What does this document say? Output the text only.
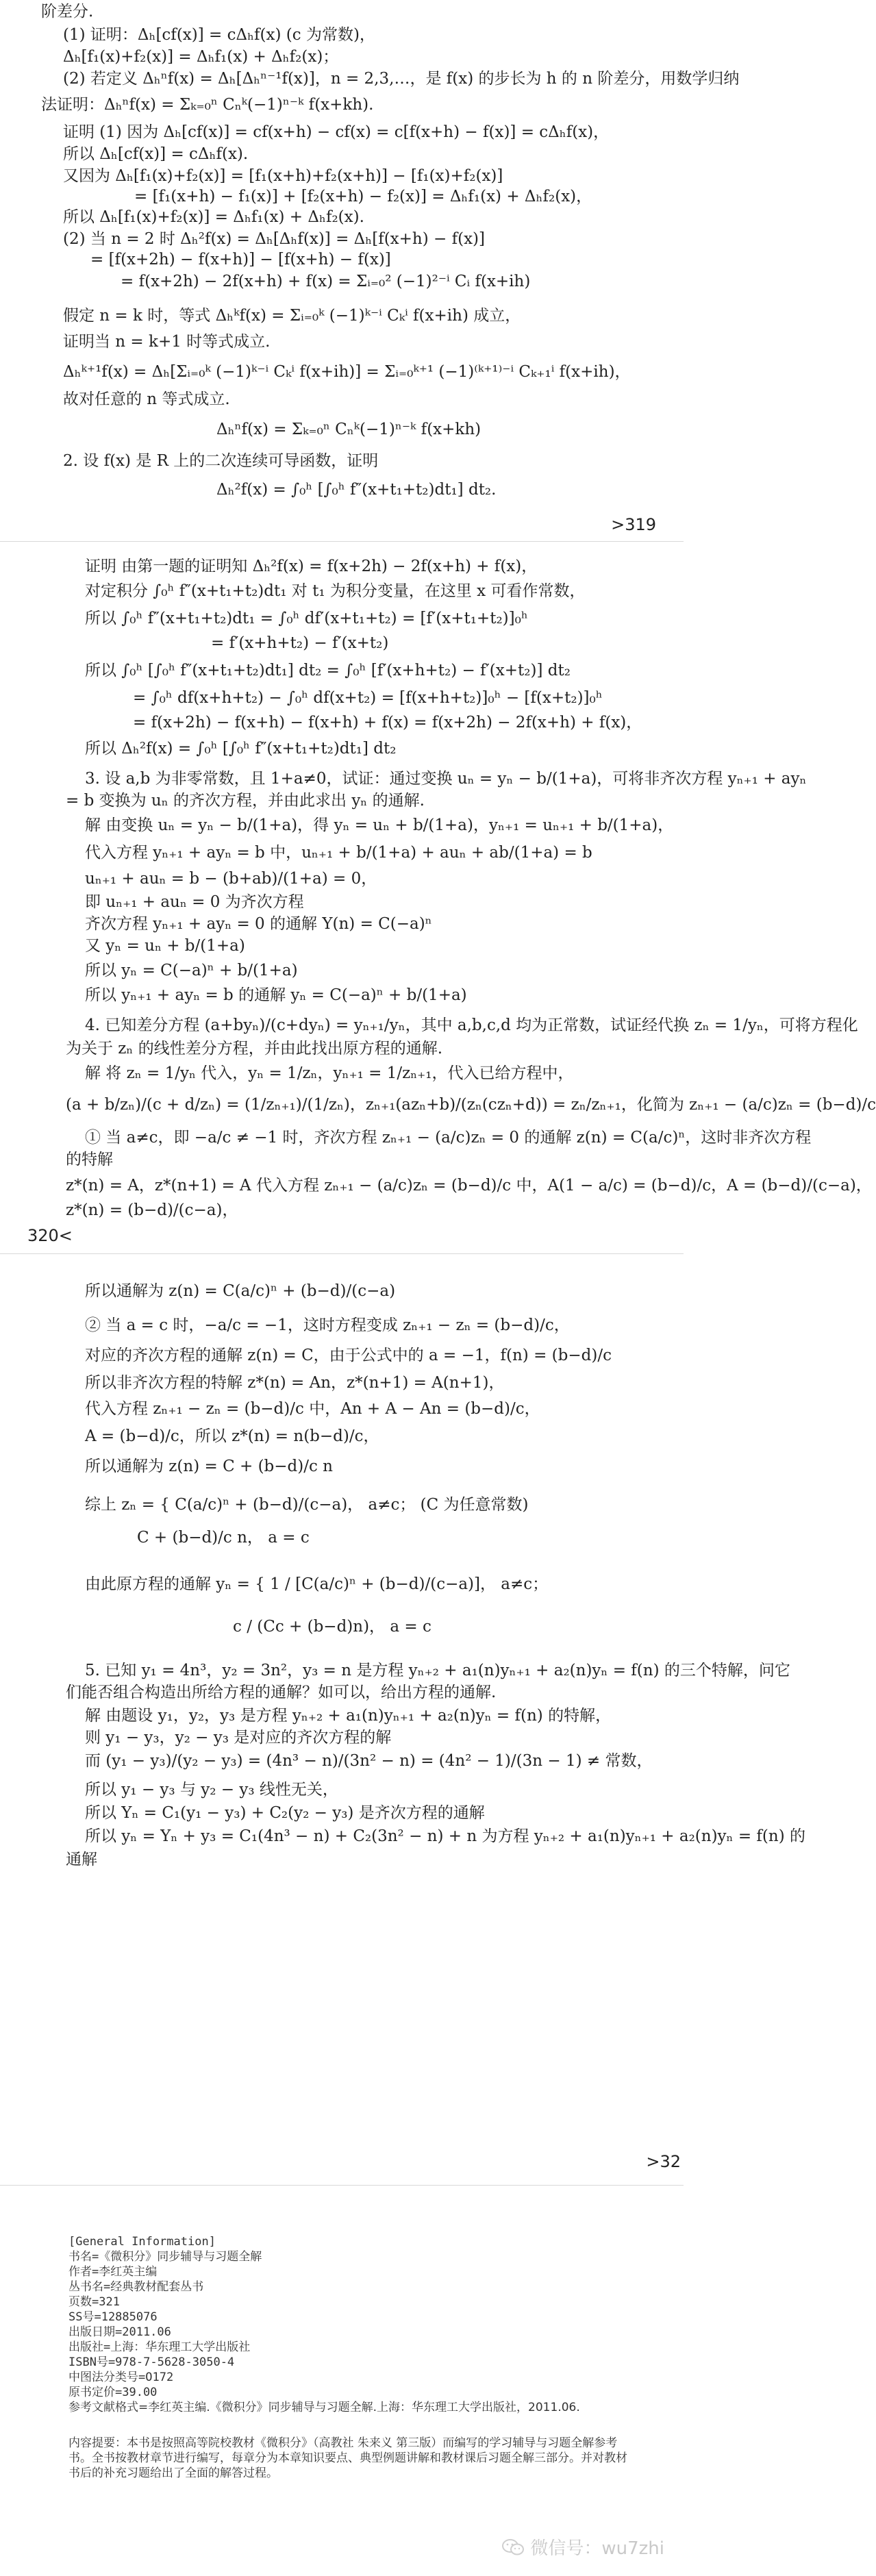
阶差分.
(1) 证明：Δₕ[cf(x)] = cΔₕf(x) (c 为常数)，
Δₕ[f₁(x)+f₂(x)] = Δₕf₁(x) + Δₕf₂(x)；
(2) 若定义 Δₕⁿf(x) = Δₕ[Δₕⁿ⁻¹f(x)]，n = 2,3,…，是 f(x) 的步长为 h 的 n 阶差分，用数学归纳
法证明：Δₕⁿf(x) = Σₖ₌₀ⁿ Cₙᵏ(−1)ⁿ⁻ᵏ f(x+kh).
证明 (1) 因为 Δₕ[cf(x)] = cf(x+h) − cf(x) = c[f(x+h) − f(x)] = cΔₕf(x)，
所以 Δₕ[cf(x)] = cΔₕf(x).
又因为 Δₕ[f₁(x)+f₂(x)] = [f₁(x+h)+f₂(x+h)] − [f₁(x)+f₂(x)]
= [f₁(x+h) − f₁(x)] + [f₂(x+h) − f₂(x)] = Δₕf₁(x) + Δₕf₂(x)，
所以 Δₕ[f₁(x)+f₂(x)] = Δₕf₁(x) + Δₕf₂(x).
(2) 当 n = 2 时 Δₕ²f(x) = Δₕ[Δₕf(x)] = Δₕ[f(x+h) − f(x)]
= [f(x+2h) − f(x+h)] − [f(x+h) − f(x)]
= f(x+2h) − 2f(x+h) + f(x) = Σᵢ₌₀² (−1)²⁻ⁱ Cᵢ f(x+ih)
假定 n = k 时，等式 Δₕᵏf(x) = Σᵢ₌₀ᵏ (−1)ᵏ⁻ⁱ Cₖⁱ f(x+ih) 成立，
证明当 n = k+1 时等式成立.
Δₕᵏ⁺¹f(x) = Δₕ[Σᵢ₌₀ᵏ (−1)ᵏ⁻ⁱ Cₖⁱ f(x+ih)] = Σᵢ₌₀ᵏ⁺¹ (−1)⁽ᵏ⁺¹⁾⁻ⁱ Cₖ₊₁ⁱ f(x+ih)，
故对任意的 n 等式成立.
Δₕⁿf(x) = Σₖ₌₀ⁿ Cₙᵏ(−1)ⁿ⁻ᵏ f(x+kh)
2. 设 f(x) 是 R 上的二次连续可导函数，证明
Δₕ²f(x) = ∫₀ʰ [∫₀ʰ f″(x+t₁+t₂)dt₁] dt₂.
>319
证明 由第一题的证明知 Δₕ²f(x) = f(x+2h) − 2f(x+h) + f(x)，
对定积分 ∫₀ʰ f″(x+t₁+t₂)dt₁ 对 t₁ 为积分变量，在这里 x 可看作常数，
所以 ∫₀ʰ f″(x+t₁+t₂)dt₁ = ∫₀ʰ df′(x+t₁+t₂) = [f′(x+t₁+t₂)]₀ʰ
= f′(x+h+t₂) − f′(x+t₂)
所以 ∫₀ʰ [∫₀ʰ f″(x+t₁+t₂)dt₁] dt₂ = ∫₀ʰ [f′(x+h+t₂) − f′(x+t₂)] dt₂
= ∫₀ʰ df(x+h+t₂) − ∫₀ʰ df(x+t₂) = [f(x+h+t₂)]₀ʰ − [f(x+t₂)]₀ʰ
= f(x+2h) − f(x+h) − f(x+h) + f(x) = f(x+2h) − 2f(x+h) + f(x)，
所以 Δₕ²f(x) = ∫₀ʰ [∫₀ʰ f″(x+t₁+t₂)dt₁] dt₂
3. 设 a,b 为非零常数，且 1+a≠0，试证：通过变换 uₙ = yₙ − b/(1+a)，可将非齐次方程 yₙ₊₁ + ayₙ
= b 变换为 uₙ 的齐次方程，并由此求出 yₙ 的通解.
解 由变换 uₙ = yₙ − b/(1+a)，得 yₙ = uₙ + b/(1+a)，yₙ₊₁ = uₙ₊₁ + b/(1+a)，
代入方程 yₙ₊₁ + ayₙ = b 中，uₙ₊₁ + b/(1+a) + auₙ + ab/(1+a) = b
uₙ₊₁ + auₙ = b − (b+ab)/(1+a) = 0，
即 uₙ₊₁ + auₙ = 0 为齐次方程
齐次方程 yₙ₊₁ + ayₙ = 0 的通解 Y(n) = C(−a)ⁿ
又 yₙ = uₙ + b/(1+a)
所以 yₙ = C(−a)ⁿ + b/(1+a)
所以 yₙ₊₁ + ayₙ = b 的通解 yₙ = C(−a)ⁿ + b/(1+a)
4. 已知差分方程 (a+byₙ)/(c+dyₙ) = yₙ₊₁/yₙ，其中 a,b,c,d 均为正常数，试证经代换 zₙ = 1/yₙ，可将方程化
为关于 zₙ 的线性差分方程，并由此找出原方程的通解.
解 将 zₙ = 1/yₙ 代入，yₙ = 1/zₙ，yₙ₊₁ = 1/zₙ₊₁，代入已给方程中，
(a + b/zₙ)/(c + d/zₙ) = (1/zₙ₊₁)/(1/zₙ)，zₙ₊₁(azₙ+b)/(zₙ(czₙ+d)) = zₙ/zₙ₊₁，化简为 zₙ₊₁ − (a/c)zₙ = (b−d)/c
① 当 a≠c，即 −a/c ≠ −1 时，齐次方程 zₙ₊₁ − (a/c)zₙ = 0 的通解 z(n) = C(a/c)ⁿ，这时非齐次方程
的特解
z*(n) = A，z*(n+1) = A 代入方程 zₙ₊₁ − (a/c)zₙ = (b−d)/c 中，A(1 − a/c) = (b−d)/c，A = (b−d)/(c−a)，
z*(n) = (b−d)/(c−a)，
320<
所以通解为 z(n) = C(a/c)ⁿ + (b−d)/(c−a)
② 当 a = c 时，−a/c = −1，这时方程变成 zₙ₊₁ − zₙ = (b−d)/c，
对应的齐次方程的通解 z(n) = C，由于公式中的 a = −1，f(n) = (b−d)/c
所以非齐次方程的特解 z*(n) = An，z*(n+1) = A(n+1)，
代入方程 zₙ₊₁ − zₙ = (b−d)/c 中，An + A − An = (b−d)/c，
A = (b−d)/c，所以 z*(n) = n(b−d)/c，
所以通解为 z(n) = C + (b−d)/c n
综上 zₙ = { C(a/c)ⁿ + (b−d)/(c−a)， a≠c； (C 为任意常数)
C + (b−d)/c n， a = c
由此原方程的通解 yₙ = { 1 / [C(a/c)ⁿ + (b−d)/(c−a)]， a≠c；
c / (Cc + (b−d)n)， a = c
5. 已知 y₁ = 4n³，y₂ = 3n²，y₃ = n 是方程 yₙ₊₂ + a₁(n)yₙ₊₁ + a₂(n)yₙ = f(n) 的三个特解，问它
们能否组合构造出所给方程的通解？如可以，给出方程的通解.
解 由题设 y₁，y₂，y₃ 是方程 yₙ₊₂ + a₁(n)yₙ₊₁ + a₂(n)yₙ = f(n) 的特解，
则 y₁ − y₃，y₂ − y₃ 是对应的齐次方程的解
而 (y₁ − y₃)/(y₂ − y₃) = (4n³ − n)/(3n² − n) = (4n² − 1)/(3n − 1) ≠ 常数，
所以 y₁ − y₃ 与 y₂ − y₃ 线性无关，
所以 Yₙ = C₁(y₁ − y₃) + C₂(y₂ − y₃) 是齐次方程的通解
所以 yₙ = Yₙ + y₃ = C₁(4n³ − n) + C₂(3n² − n) + n 为方程 yₙ₊₂ + a₁(n)yₙ₊₁ + a₂(n)yₙ = f(n) 的
通解
>32
[General Information]
书名=《微积分》同步辅导与习题全解
作者=李红英主编
丛书名=经典教材配套丛书
页数=321
SS号=12885076
出版日期=2011.06
出版社=上海：华东理工大学出版社
ISBN号=978-7-5628-3050-4
中图法分类号=O172
原书定价=39.00
参考文献格式=李红英主编.《微积分》同步辅导与习题全解.上海：华东理工大学出版社，2011.06.
内容提要：本书是按照高等院校教材《微积分》（高教社 朱来义 第三版）而编写的学习辅导与习题全解参考书。全书按教材章节进行编写，每章分为本章知识要点、典型例题讲解和教材课后习题全解三部分。并对教材书后的补充习题给出了全面的解答过程。
微信号：wu7zhi
